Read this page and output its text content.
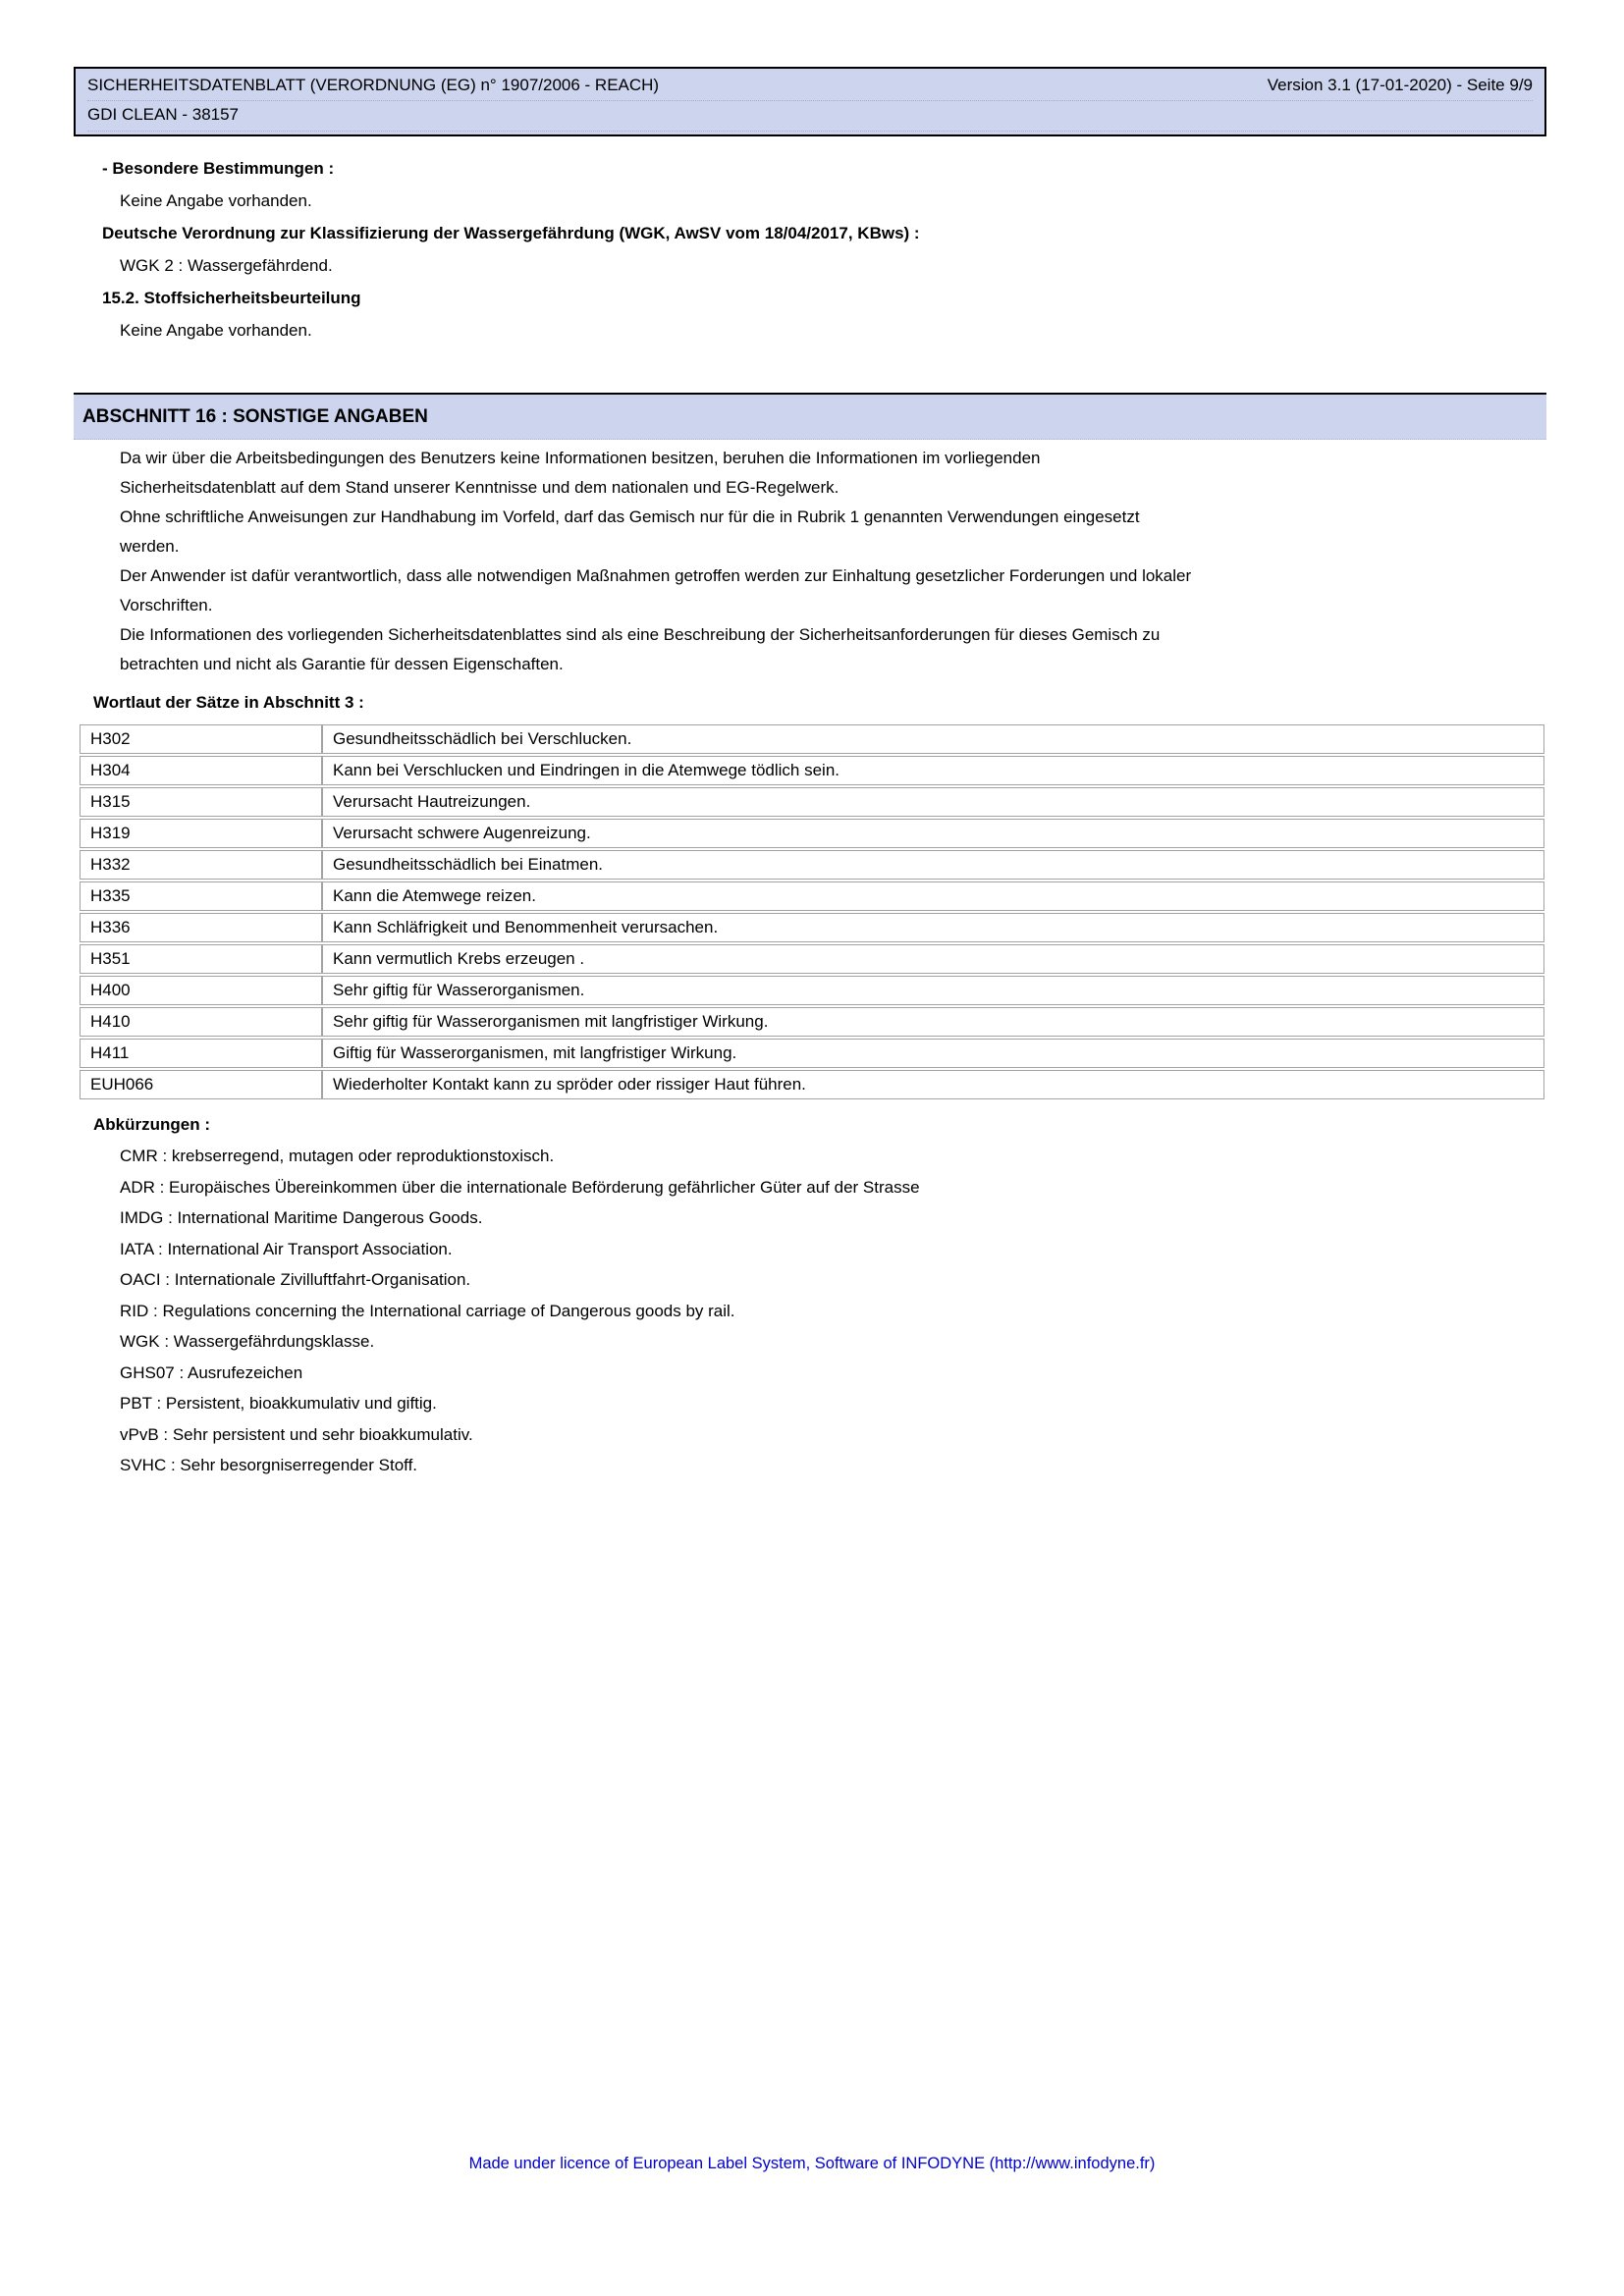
SICHERHEITSDATENBLATT (VERORDNUNG (EG) n° 1907/2006 - REACH)	Version 3.1 (17-01-2020) - Seite 9/9
GDI CLEAN - 38157
- Besondere Bestimmungen :
Keine Angabe vorhanden.
Deutsche Verordnung zur Klassifizierung der Wassergefährdung (WGK, AwSV vom 18/04/2017, KBws) :
WGK 2 : Wassergefährdend.
15.2. Stoffsicherheitsbeurteilung
Keine Angabe vorhanden.
ABSCHNITT 16 : SONSTIGE ANGABEN
Da wir über die Arbeitsbedingungen des Benutzers keine Informationen besitzen, beruhen die Informationen im vorliegenden
Sicherheitsdatenblatt auf dem Stand unserer Kenntnisse und dem nationalen und EG-Regelwerk.
Ohne schriftliche Anweisungen zur Handhabung im Vorfeld, darf das Gemisch nur für die in Rubrik 1 genannten Verwendungen eingesetzt
werden.
Der Anwender ist dafür verantwortlich, dass alle notwendigen Maßnahmen getroffen werden zur Einhaltung gesetzlicher Forderungen und lokaler
Vorschriften.
Die Informationen des vorliegenden Sicherheitsdatenblattes sind als eine Beschreibung der Sicherheitsanforderungen für dieses Gemisch zu
betrachten und nicht als Garantie für dessen Eigenschaften.
Wortlaut der Sätze in Abschnitt 3 :
H302	Gesundheitsschädlich bei Verschlucken.
H304	Kann bei Verschlucken und Eindringen in die Atemwege tödlich sein.
H315	Verursacht Hautreizungen.
H319	Verursacht schwere Augenreizung.
H332	Gesundheitsschädlich bei Einatmen.
H335	Kann die Atemwege reizen.
H336	Kann Schläfrigkeit und Benommenheit verursachen.
H351	Kann vermutlich Krebs erzeugen .
H400	Sehr giftig für Wasserorganismen.
H410	Sehr giftig für Wasserorganismen mit langfristiger Wirkung.
H411	Giftig für Wasserorganismen, mit langfristiger Wirkung.
EUH066	Wiederholter Kontakt kann zu spröder oder rissiger Haut führen.
Abkürzungen :
CMR : krebserregend, mutagen oder reproduktionstoxisch.
ADR : Europäisches Übereinkommen über die internationale Beförderung gefährlicher Güter auf der Strasse
IMDG : International Maritime Dangerous Goods.
IATA : International Air Transport Association.
OACI : Internationale Zivilluftfahrt-Organisation.
RID : Regulations concerning the International carriage of Dangerous goods by rail.
WGK : Wassergefährdungsklasse.
GHS07 : Ausrufezeichen
PBT : Persistent, bioakkumulativ und giftig.
vPvB : Sehr persistent und sehr bioakkumulativ.
SVHC : Sehr besorgniserregender Stoff.
Made under licence of European Label System, Software of INFODYNE (http://www.infodyne.fr)
